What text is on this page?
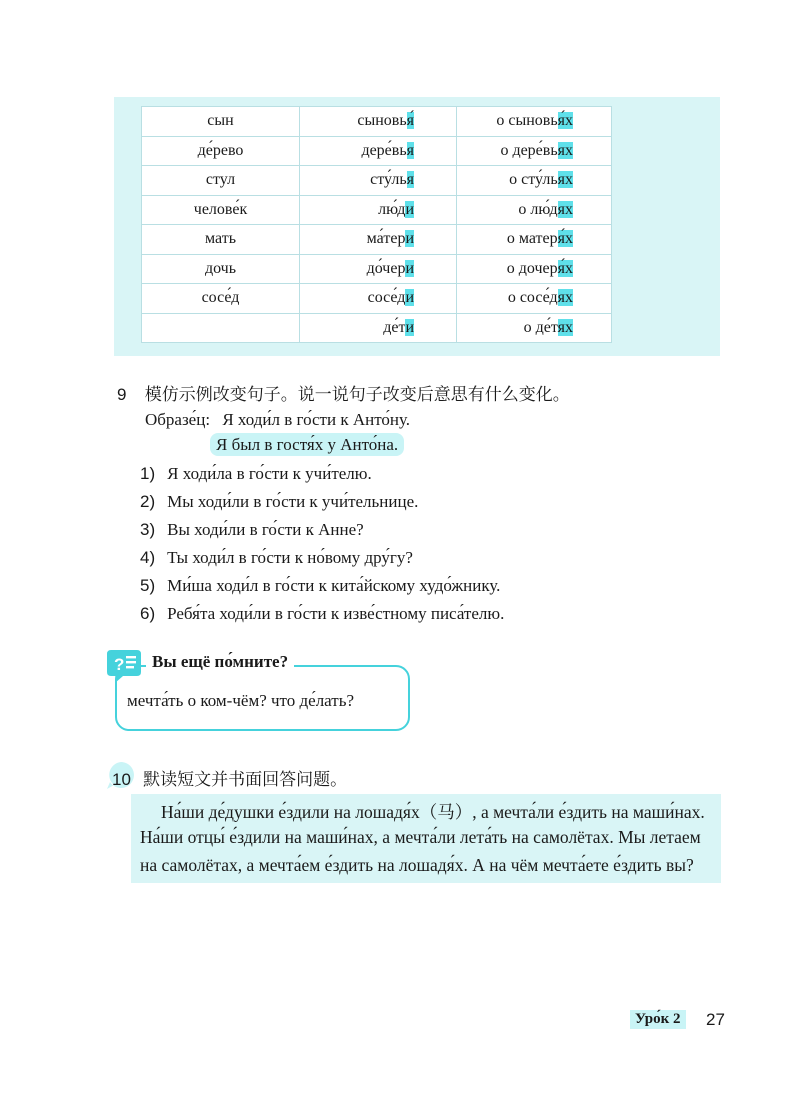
сын	сыновья́	о сыновья́х
де́рево	дере́вья	о дере́вьях
стул	сту́лья	о сту́льях
челове́к	лю́ди	о лю́дях
мать	ма́тери	о матеря́х
дочь	до́чери	о дочеря́х
сосе́д	сосе́ди	о сосе́дях
	де́ти	о де́тях
9 模仿示例改变句子。说一说句子改变后意思有什么变化。
Образе́ц: Я ходи́л в го́сти к Анто́ну.
Я был в гостя́х у Анто́на.
1) Я ходи́ла в го́сти к учи́телю.
2) Мы ходи́ли в го́сти к учи́тельнице.
3) Вы ходи́ли в го́сти к Анне?
4) Ты ходи́л в го́сти к но́вому дру́гу?
5) Ми́ша ходи́л в го́сти к кита́йскому худо́жнику.
6) Ребя́та ходи́ли в го́сти к изве́стному писа́телю.
мечта́ть о ком-чём? что де́лать?
Вы ещё по́мните?
?
10 默读短文并书面回答问题。
На́ши де́душки е́здили на лошадя́х（马）, а мечта́ли е́здить на маши́нах.
На́ши отцы́ е́здили на маши́нах, а мечта́ли лета́ть на самолётах. Мы летаем
на самолётах, а мечта́ем е́здить на лошадя́х. А на чём мечта́ете е́здить вы?
Уро́к 2 27
